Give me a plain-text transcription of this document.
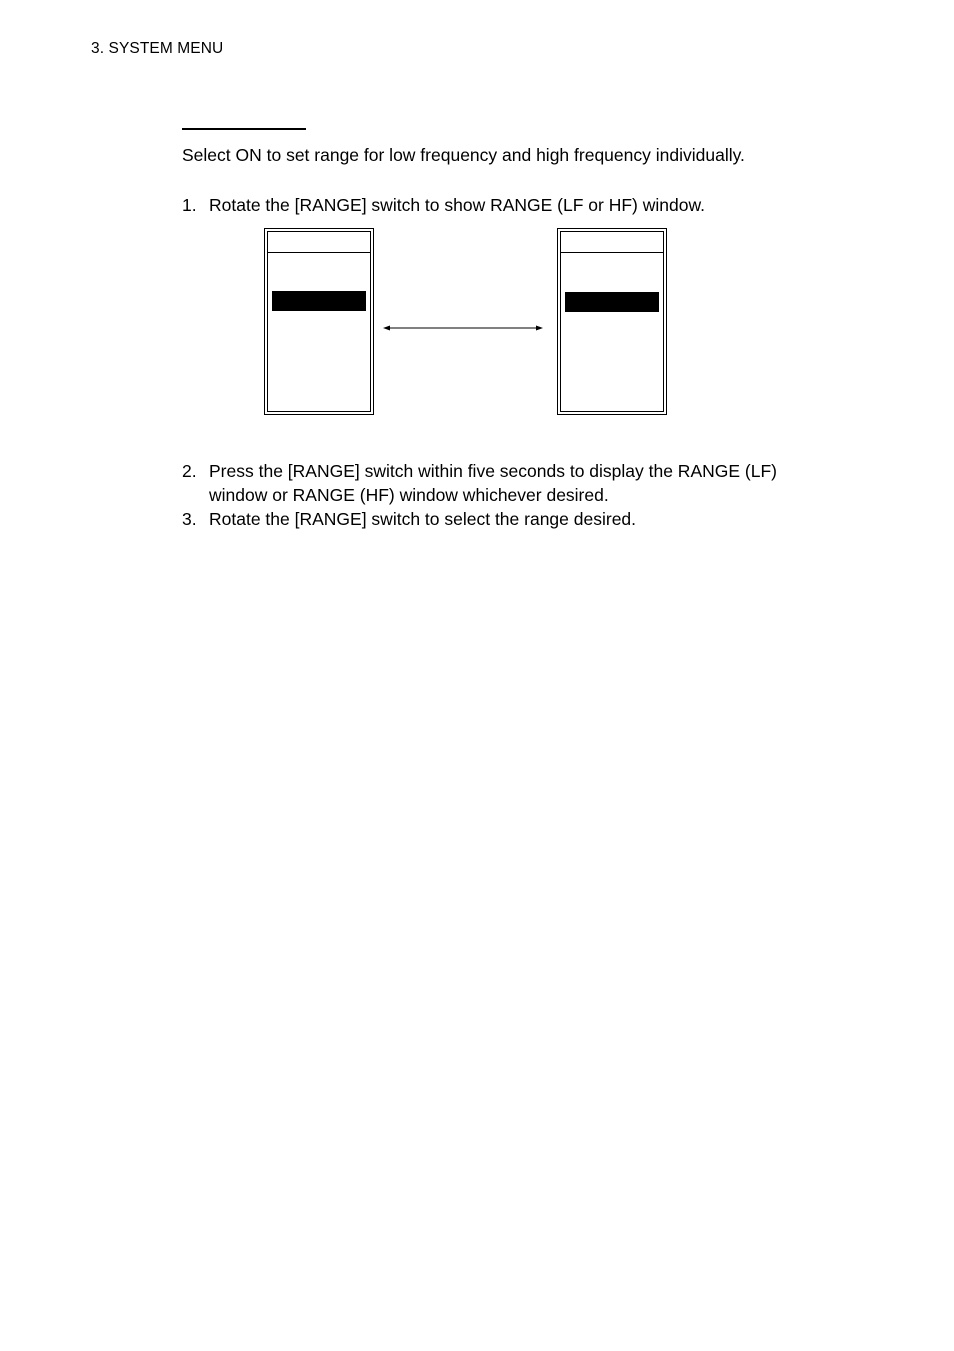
3. SYSTEM MENU
Select ON to set range for low frequency and high frequency individually.
1. Rotate the [RANGE] switch to show RANGE (LF or HF) window.
2. Press the [RANGE] switch within five seconds to display the RANGE (LF)
window or RANGE (HF) window whichever desired.
3. Rotate the [RANGE] switch to select the range desired.
